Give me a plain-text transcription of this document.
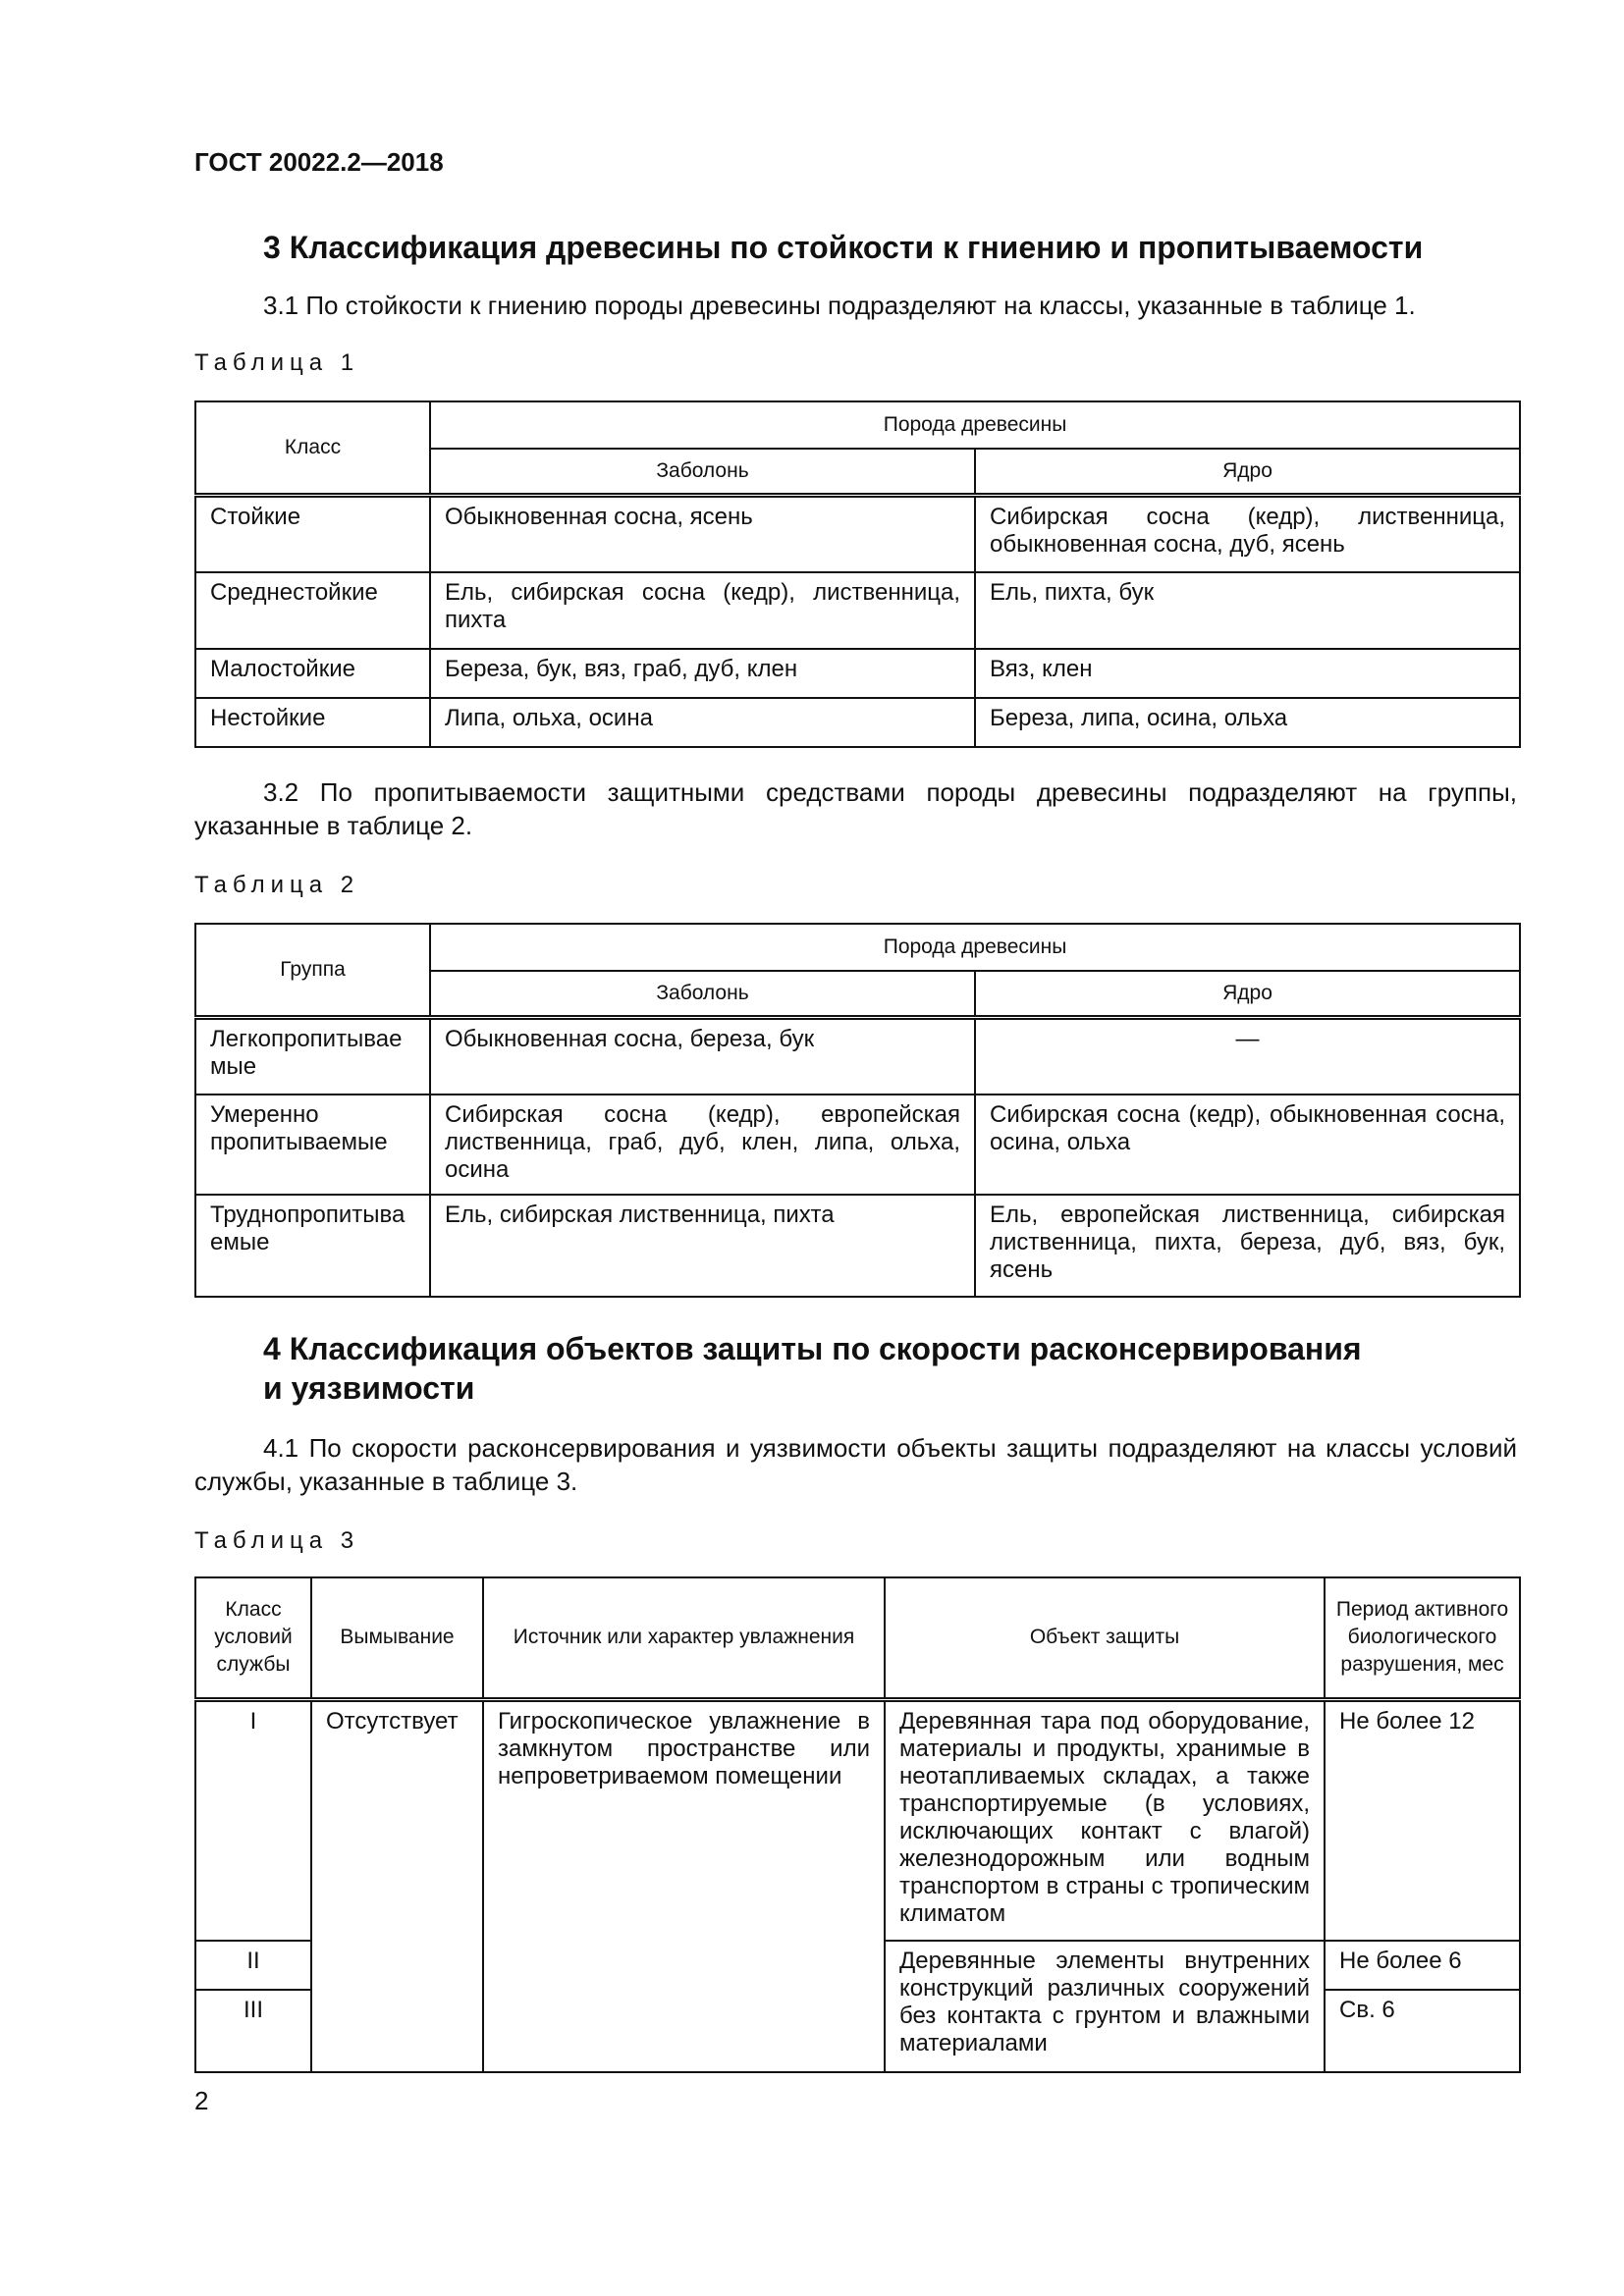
ГОСТ 20022.2—2018
3 Классификация древесины по стойкости к гниению и пропитываемости
3.1 По стойкости к гниению породы древесины подразделяют на классы, указанные в таблице 1.
Таблица 1
Класс	Порода древесины	
	Заболонь	Ядро
Стойкие	Обыкновенная сосна, ясень	Сибирская сосна (кедр), лиственница, обыкновенная сосна, дуб, ясень
Среднестойкие	Ель, сибирская сосна (кедр), лиственница, пихта	Ель, пихта, бук
Малостойкие	Береза, бук, вяз, граб, дуб, клен	Вяз, клен
Нестойкие	Липа, ольха, осина	Береза, липа, осина, ольха
3.2 По пропитываемости защитными средствами породы древесины подразделяют на группы, указанные в таблице 2.
Таблица 2
Группа	Порода древесины	
	Заболонь	Ядро
Легкопропитываемые	Обыкновенная сосна, береза, бук	—
Умеренно пропитываемые	Сибирская сосна (кедр), европейская лиственница, граб, дуб, клен, липа, ольха, осина	Сибирская сосна (кедр), обыкновенная сосна, осина, ольха
Труднопропитываемые	Ель, сибирская лиственница, пихта	Ель, европейская лиственница, сибирская лиственница, пихта, береза, дуб, вяз, бук, ясень
4 Классификация объектов защиты по скорости расконсервирования
и уязвимости
4.1 По скорости расконсервирования и уязвимости объекты защиты подразделяют на классы условий службы, указанные в таблице 3.
Таблица 3
Класс условий службы	Вымывание	Источник или характер увлажнения	Объект защиты	Период активного биологического разрушения, мес
I	Отсутствует	Гигроскопическое увлажнение в замкнутом пространстве или непроветриваемом помещении	Деревянная тара под оборудование, материалы и продукты, хранимые в неотапливаемых складах, а также транспортируемые (в условиях, исключающих контакт с влагой) железнодорожным или водным транспортом в страны с тропическим климатом	Не более 12
II			Деревянные элементы внутренних конструкций различных сооружений без контакта с грунтом и влажными материалами	Не более 6
III				Св. 6
2
